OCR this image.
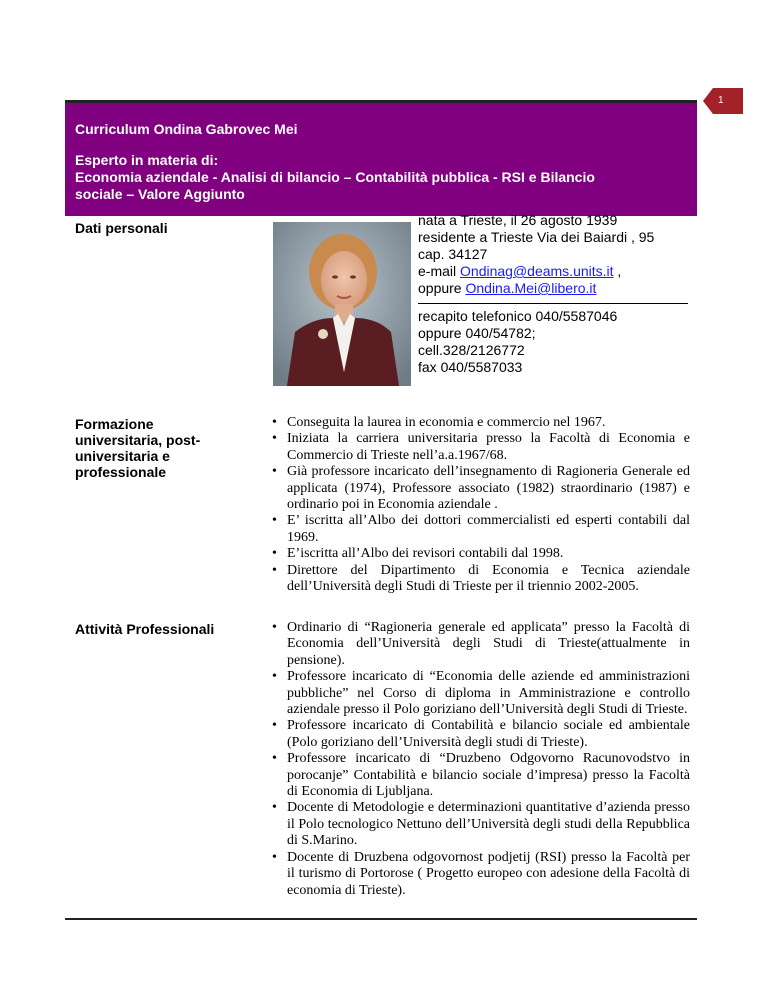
1
Curriculum Ondina Gabrovec Mei
Esperto in materia di:
Economia aziendale - Analisi di bilancio – Contabilità pubblica - RSI e Bilancio
sociale – Valore Aggiunto
Dati personali	nata a Trieste, il 26 agosto 1939
residente a Trieste Via dei Baiardi , 95
cap. 34127
e-mail Ondinag@deams.units.it ,
oppure Ondina.Mei@libero.it
recapito telefonico 040/5587046
oppure 040/54782;
cell.328/2126772
fax 040/5587033
Formazione
universitaria, post-
universitaria e
professionale
• Conseguita la laurea in economia e commercio nel 1967.
• Iniziata la carriera universitaria presso la Facoltà di Economia e Commercio di Trieste nell’a.a.1967/68.
• Già professore incaricato dell’insegnamento di Ragioneria Generale ed applicata (1974), Professore associato (1982) straordinario (1987) e ordinario poi in Economia aziendale .
• E’ iscritta all’Albo dei dottori commercialisti ed esperti contabili dal 1969.
• E’iscritta all’Albo dei revisori contabili dal 1998.
• Direttore del Dipartimento di Economia e Tecnica aziendale dell’Università degli Studi di Trieste per il triennio 2002-2005.
Attività Professionali
•	Ordinario di “Ragioneria generale ed applicata” presso la Facoltà di Economia dell’Università degli Studi di Trieste(attualmente in pensione).
• Professore incaricato di “Economia delle aziende ed amministrazioni pubbliche” nel Corso di diploma in Amministrazione e controllo aziendale presso il Polo goriziano dell’Università degli Studi di Trieste.
• Professore incaricato di Contabilità e bilancio sociale ed ambientale (Polo goriziano dell’Università degli studi di Trieste).
• Professore incaricato di “Druzbeno Odgovorno Racunovodstvo in porocanje” Contabilità e bilancio sociale d’impresa) presso la Facoltà di Economia di Ljubljana.
• Docente di Metodologie e determinazioni quantitative d’azienda presso il Polo tecnologico Nettuno dell’Università degli studi della Repubblica di S.Marino.
• Docente di Druzbena odgovornost podjetij (RSI) presso la Facoltà per il turismo di Portorose ( Progetto europeo con adesione della Facoltà di economia di Trieste).
